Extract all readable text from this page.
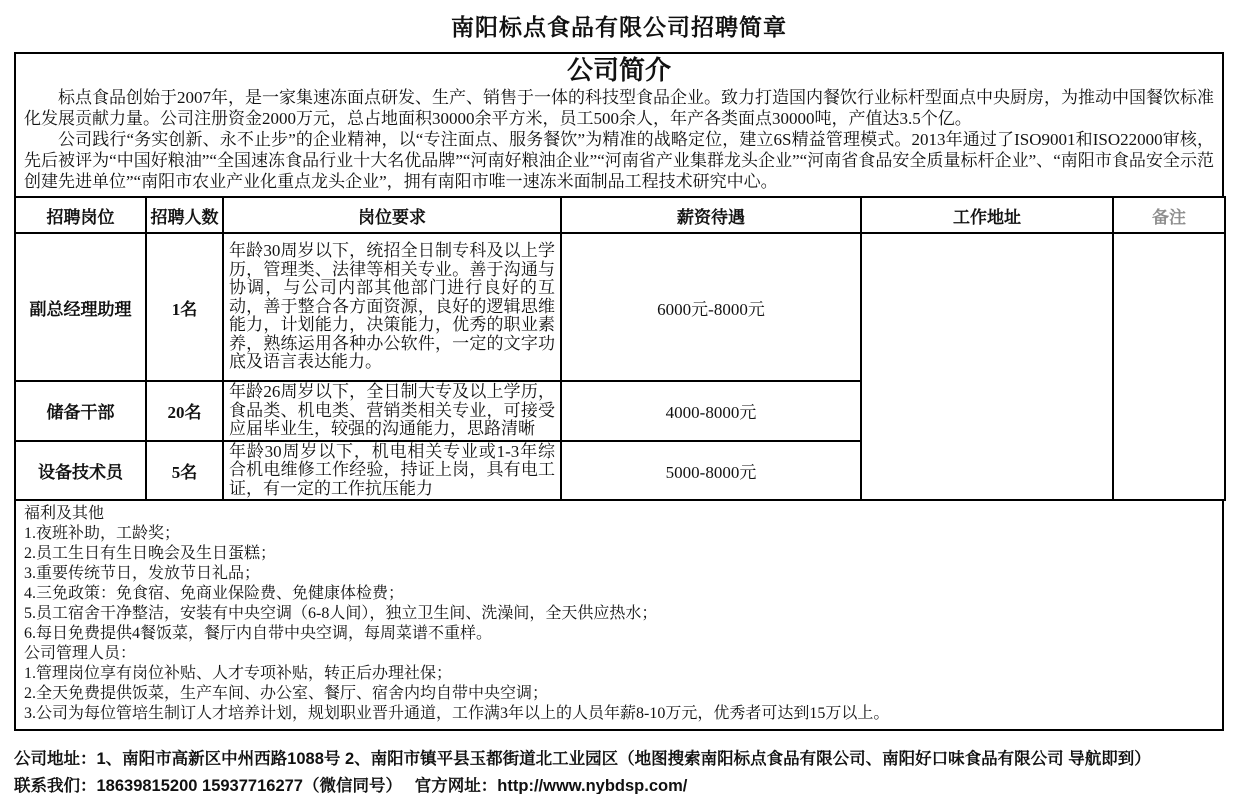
南阳标点食品有限公司招聘简章
公司简介

标点食品创始于2007年，是一家集速冻面点研发、生产、销售于一体的科技型食品企业。致力打造国内餐饮行业标杆型面点中央厨房，为推动中国餐饮标准化发展贡献力量。公司注册资金2000万元，总占地面积30000余平方米，员工500余人，年产各类面点30000吨，产值达3.5个亿。

公司践行“务实创新、永不止步”的企业精神，以“专注面点、服务餐饮”为精准的战略定位，建立6S精益管理模式。2013年通过了ISO9001和ISO22000审核，先后被评为“中国好粮油”“全国速冻食品行业十大名优品牌”“河南好粮油企业”“河南省产业集群龙头企业”“河南省食品安全质量标杆企业”、“南阳市食品安全示范创建先进单位”“南阳市农业产业化重点龙头企业”，拥有南阳市唯一速冻米面制品工程技术研究中心。

招聘岗位	招聘人数	岗位要求	薪资待遇	工作地址	备注
副总经理助理	1名	年龄30周岁以下，统招全日制专科及以上学历，管理类、法律等相关专业。善于沟通与协调，与公司内部其他部门进行良好的互动，善于整合各方面资源，良好的逻辑思维能力，计划能力，决策能力，优秀的职业素养，熟练运用各种办公软件，一定的文字功底及语言表达能力。	6000元-8000元		
储备干部	20名	年龄26周岁以下，全日制大专及以上学历，食品类、机电类、营销类相关专业，可接受应届毕业生，较强的沟通能力，思路清晰	4000-8000元		
设备技术员	5名	年龄30周岁以下，机电相关专业或1-3年综合机电维修工作经验，持证上岗，具有电工证，有一定的工作抗压能力	5000-8000元		
福利及其他
1.夜班补助，工龄奖；
2.员工生日有生日晚会及生日蛋糕；
3.重要传统节日，发放节日礼品；
4.三免政策：免食宿、免商业保险费、免健康体检费；
5.员工宿舍干净整洁，安装有中央空调（6-8人间），独立卫生间、洗澡间，全天供应热水；
6.每日免费提供4餐饭菜，餐厅内自带中央空调，每周菜谱不重样。
公司管理人员：
1.管理岗位享有岗位补贴、人才专项补贴，转正后办理社保；
2.全天免费提供饭菜，生产车间、办公室、餐厅、宿舍内均自带中央空调；
3.公司为每位管培生制订人才培养计划，规划职业晋升通道，工作满3年以上的人员年薪8-10万元，优秀者可达到15万以上。
公司地址：1、南阳市高新区中州西路1088号 2、南阳市镇平县玉都街道北工业园区（地图搜索南阳标点食品有限公司、南阳好口味食品有限公司 导航即到）
联系我们：18639815200 15937716277（微信同号）　 官方网址：http://www.nybdsp.com/
